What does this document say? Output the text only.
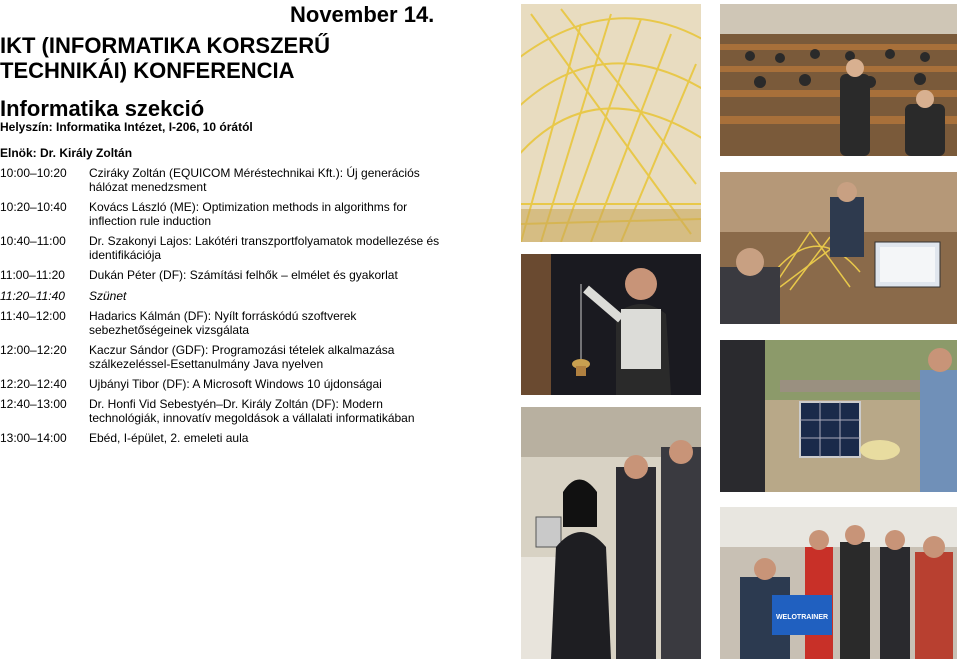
November 14.
IKT (INFORMATIKA KORSZERŰ
TECHNIKÁI) KONFERENCIA
Informatika szekció
Helyszín: Informatika Intézet, I-206, 10 órától
Elnök: Dr. Király Zoltán
10:00–10:20	Cziráky Zoltán (EQUICOM Méréstechnikai Kft.): Új generációs hálózat menedzsment
10:20–10:40	Kovács László (ME): Optimization methods in algorithms for inflection rule induction
10:40–11:00	Dr. Szakonyi Lajos: Lakótéri transzportfolyamatok modellezése és identifikációja
11:00–11:20	Dukán Péter (DF): Számítási felhők – elmélet és gyakorlat
11:20–11:40	Szünet
11:40–12:00	Hadarics Kálmán (DF): Nyílt forráskódú szoftverek sebezhetőségeinek vizsgálata
12:00–12:20	Kaczur Sándor (GDF): Programozási tételek alkalmazása szálkezeléssel-Esettanulmány Java nyelven
12:20–12:40	Ujbányi Tibor (DF): A Microsoft Windows 10 újdonságai
12:40–13:00	Dr. Honfi Vid Sebestyén–Dr. Király Zoltán (DF): Modern technológiák, innovatív megoldások a vállalati informatikában
13:00–14:00	Ebéd, I-épület, 2. emeleti aula
WELOTRAINER
